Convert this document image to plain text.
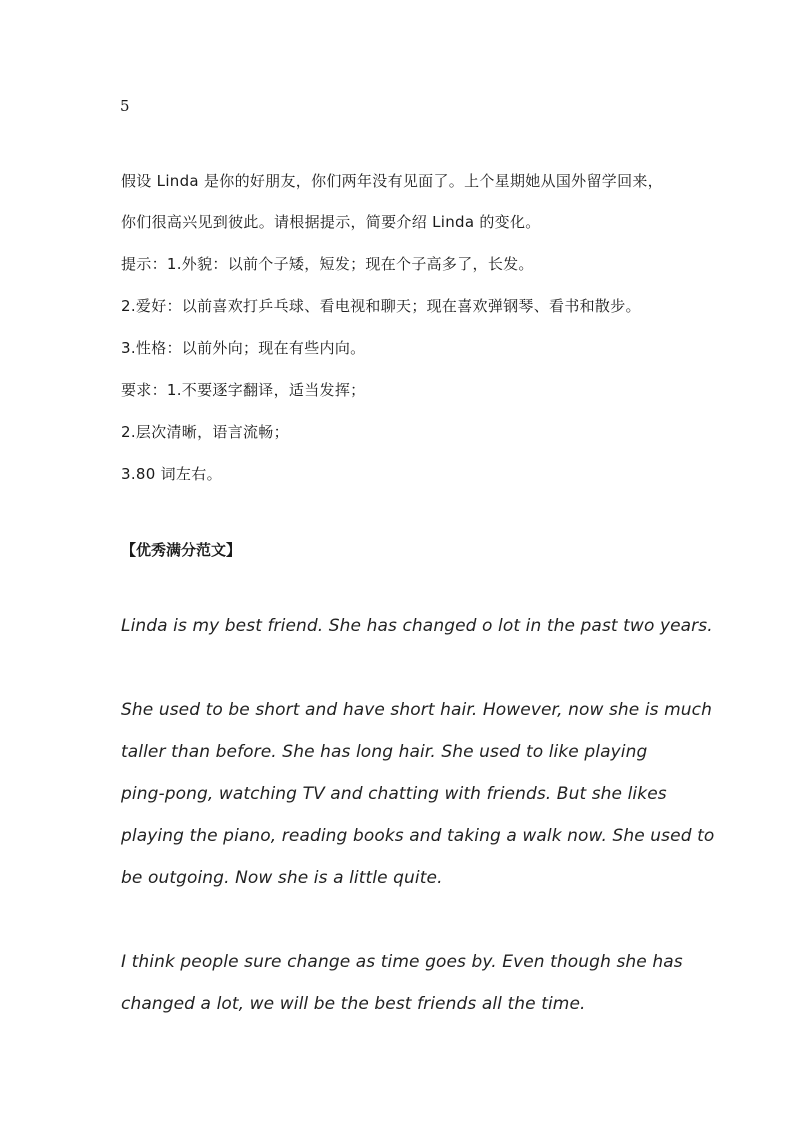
5
假设 Linda 是你的好朋友，你们两年没有见面了。上个星期她从国外留学回来，
你们很高兴见到彼此。请根据提示，简要介绍 Linda 的变化。
提示：1.外貌：以前个子矮，短发；现在个子高多了，长发。
2.爱好：以前喜欢打乒乓球、看电视和聊天；现在喜欢弹钢琴、看书和散步。
3.性格：以前外向；现在有些内向。
要求：1.不要逐字翻译，适当发挥；
2.层次清晰，语言流畅；
3.80 词左右。
【优秀满分范文】
Linda is my best friend. She has changed o lot in the past two years.
She used to be short and have short hair. However, now she is much
taller than before. She has long hair. She used to like playing
ping-pong, watching TV and chatting with friends. But she likes
playing the piano, reading books and taking a walk now. She used to
be outgoing. Now she is a little quite.
I think people sure change as time goes by. Even though she has
changed a lot, we will be the best friends all the time.
